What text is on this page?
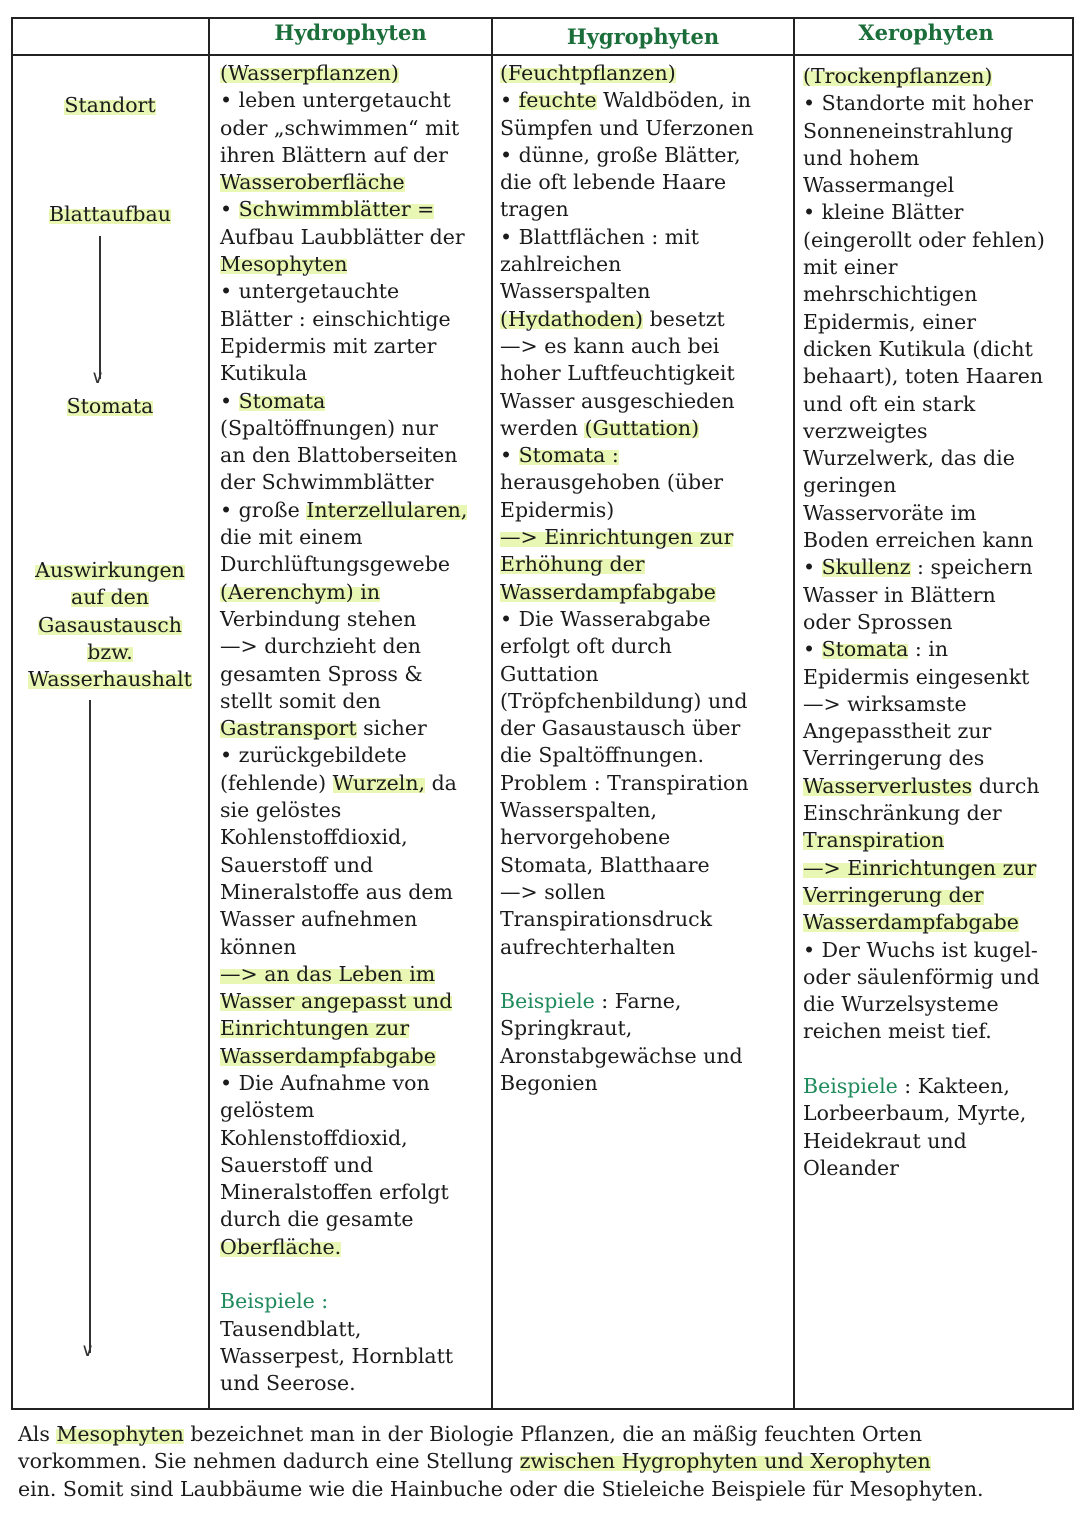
Hydrophyten	Hygrophyten	Xerophyten
Standort
Blattaufbau
Stomata
Auswirkungen
auf den
Gasaustausch
bzw.
Wasserhaushalt
∨
∨
(Wasserpflanzen)
• leben untergetaucht
oder „schwimmen“ mit
ihren Blättern auf der
Wasseroberfläche
• Schwimmblätter =
Aufbau Laubblätter der
Mesophyten
• untergetauchte
Blätter : einschichtige
Epidermis mit zarter
Kutikula
• Stomata
(Spaltöffnungen) nur
an den Blattoberseiten
der Schwimmblätter
• große Interzellularen,
die mit einem
Durchlüftungsgewebe
(Aerenchym) in
Verbindung stehen
—> durchzieht den
gesamten Spross &
stellt somit den
Gastransport sicher
• zurückgebildete
(fehlende) Wurzeln, da
sie gelöstes
Kohlenstoffdioxid,
Sauerstoff und
Mineralstoffe aus dem
Wasser aufnehmen
können
—> an das Leben im
Wasser angepasst und
Einrichtungen zur
Wasserdampfabgabe
• Die Aufnahme von
gelöstem
Kohlenstoffdioxid,
Sauerstoff und
Mineralstoffen erfolgt
durch die gesamte
Oberfläche.

Beispiele :
Tausendblatt,
Wasserpest, Hornblatt
und Seerose.
(Feuchtpflanzen)
• feuchte Waldböden, in
Sümpfen und Uferzonen
• dünne, große Blätter,
die oft lebende Haare
tragen
• Blattflächen : mit
zahlreichen
Wasserspalten
(Hydathoden) besetzt
—> es kann auch bei
hoher Luftfeuchtigkeit
Wasser ausgeschieden
werden (Guttation)
• Stomata :
herausgehoben (über
Epidermis)
—> Einrichtungen zur
Erhöhung der
Wasserdampfabgabe
• Die Wasserabgabe
erfolgt oft durch
Guttation
(Tröpfchenbildung) und
der Gasaustausch über
die Spaltöffnungen.
Problem : Transpiration
Wasserspalten,
hervorgehobene
Stomata, Blatthaare
—> sollen
Transpirationsdruck
aufrechterhalten

Beispiele : Farne,
Springkraut,
Aronstabgewächse und
Begonien
(Trockenpflanzen)
• Standorte mit hoher
Sonneneinstrahlung
und hohem
Wassermangel
• kleine Blätter
(eingerollt oder fehlen)
mit einer
mehrschichtigen
Epidermis, einer
dicken Kutikula (dicht
behaart), toten Haaren
und oft ein stark
verzweigtes
Wurzelwerk, das die
geringen
Wasservoräte im
Boden erreichen kann
• Skullenz : speichern
Wasser in Blättern
oder Sprossen
• Stomata : in
Epidermis eingesenkt
—> wirksamste
Angepasstheit zur
Verringerung des
Wasserverlustes durch
Einschränkung der
Transpiration
—> Einrichtungen zur
Verringerung der
Wasserdampfabgabe
• Der Wuchs ist kugel-
oder säulenförmig und
die Wurzelsysteme
reichen meist tief.

Beispiele : Kakteen,
Lorbeerbaum, Myrte,
Heidekraut und
Oleander
Als Mesophyten bezeichnet man in der Biologie Pflanzen, die an mäßig feuchten Orten
vorkommen. Sie nehmen dadurch eine Stellung zwischen Hygrophyten und Xerophyten
ein. Somit sind Laubbäume wie die Hainbuche oder die Stieleiche Beispiele für Mesophyten.
